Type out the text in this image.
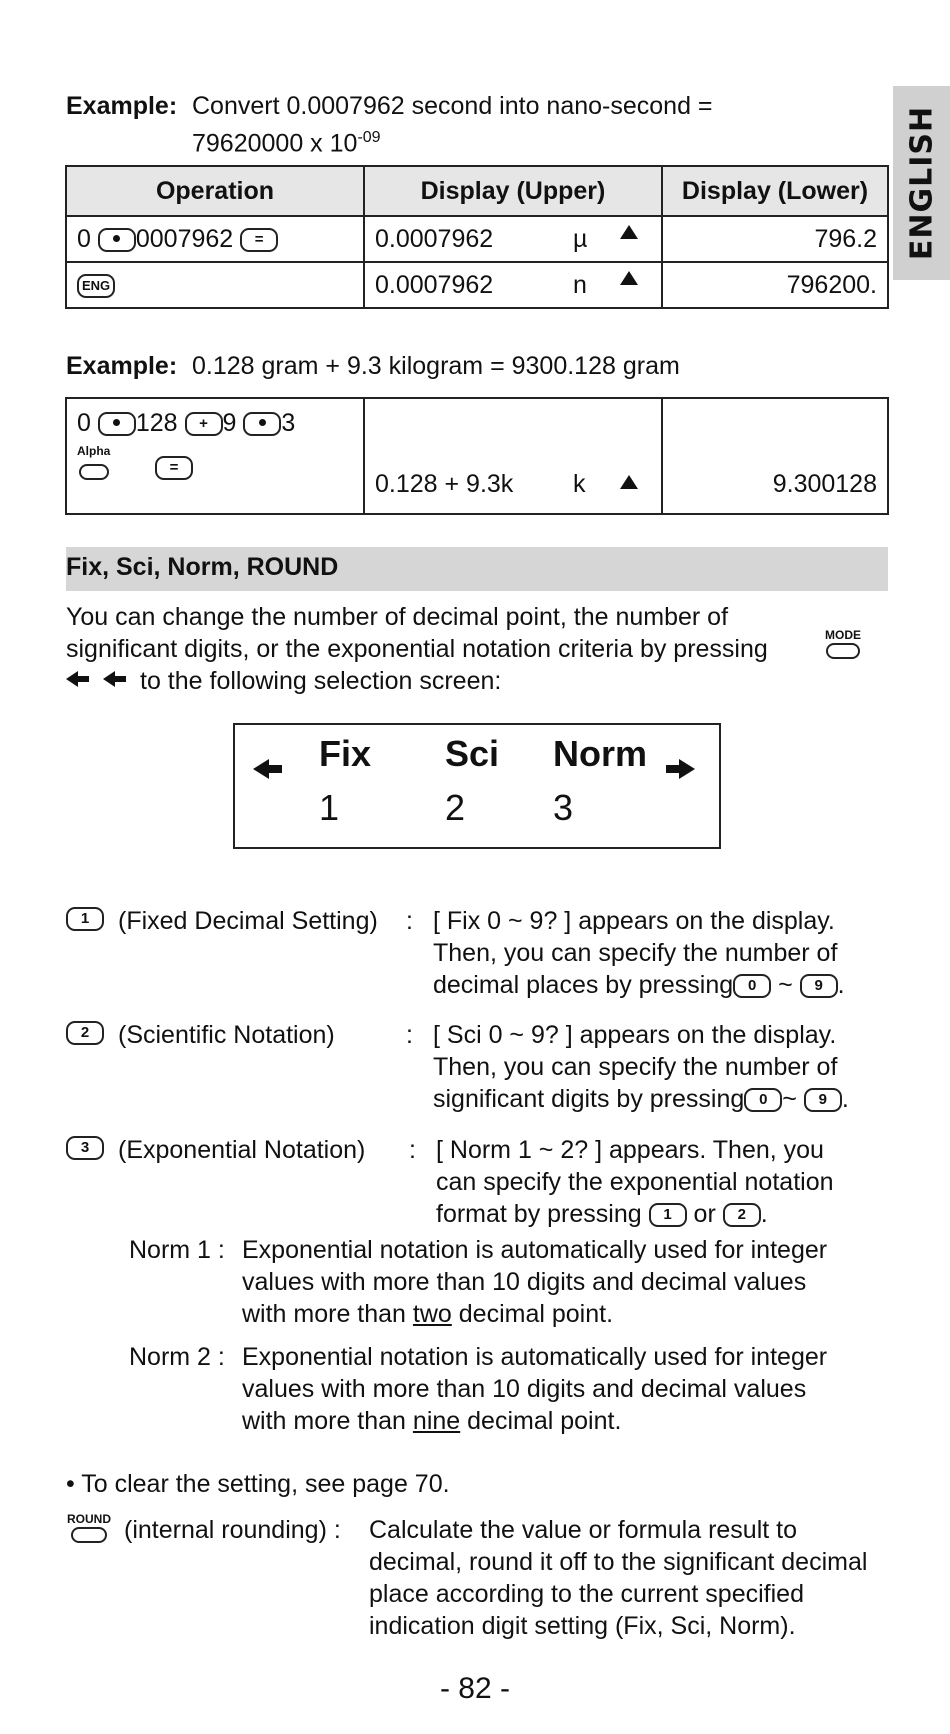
ENGLISH
Example: Convert 0.0007962 second into nano-second =
79620000 x $10^{-09}$
Operation	Display (Upper)	Display (Lower)
0 0007962 =	0.0007962 µ	796.2
ENG	0.0007962 n	796200.
Example: 0.128 gram + 9.3 kilogram = 9300.128 gram
0 128 + 9 3
Alpha
=
	0.128 + 9.3k k	9.300128
Fix, Sci, Norm, ROUND
You can change the number of decimal point, the number of
significant digits, or the exponential notation criteria by pressing	MODE

to the following selection screen:
Fix Sci Norm
1	2 3
1	(Fixed Decimal Setting) : [ Fix 0 ~ 9? ] appears on the display.
Then, you can specify the number of
decimal places by pressing 0 ~ 9 .
2	(Scientific Notation)	: [ Sci 0 ~ 9? ] appears on the display.
Then, you can specify the number of
significant digits by pressing 0 ~ 9 .
3	(Exponential Notation) : [ Norm 1 ~ 2? ] appears. Then, you
can specify the exponential notation
format by pressing 1 or 2 .
Norm 1 : Exponential notation is automatically used for integer
values with more than 10 digits and decimal values
with more than two decimal point.
Norm 2 : Exponential notation is automatically used for integer
values with more than 10 digits and decimal values
with more than nine decimal point.
• To clear the setting, see page 70.
ROUND (internal rounding) : Calculate the value or formula result to
decimal, round it off to the significant decimal
place according to the current specified
indication digit setting (Fix, Sci, Norm).
- 82 -
